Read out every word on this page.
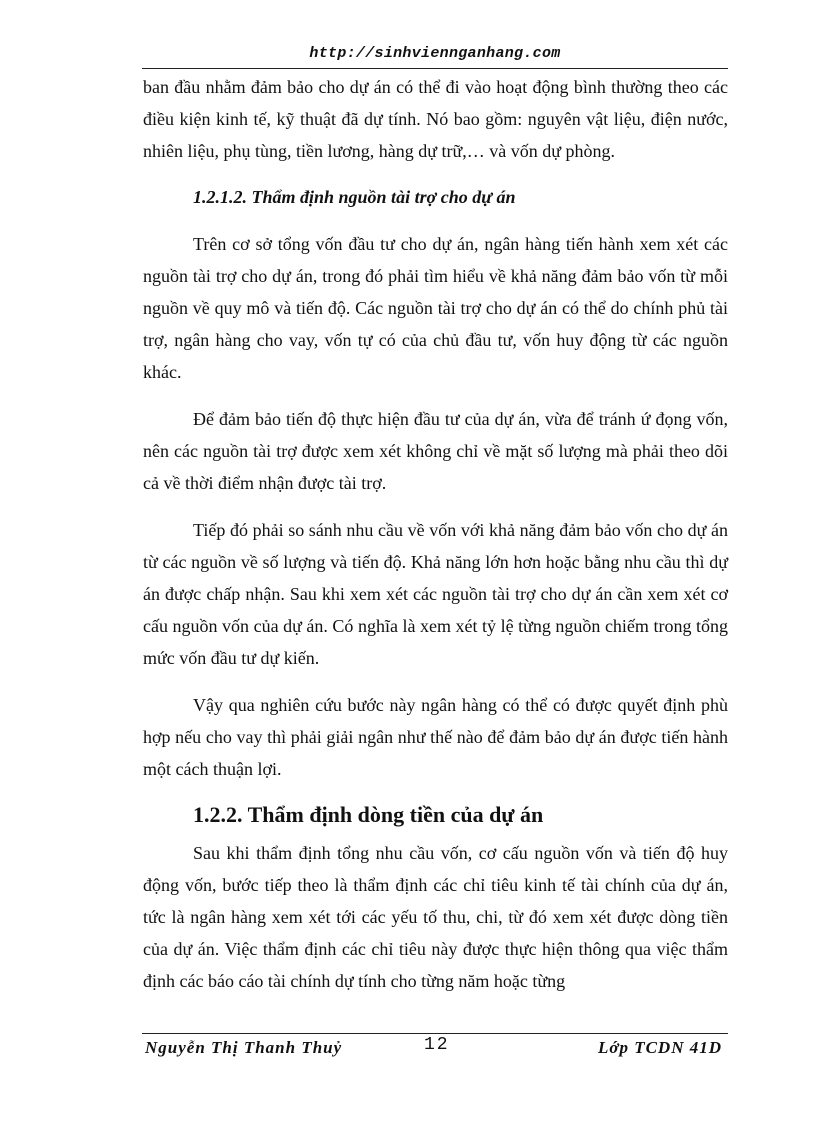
http://sinhviennganhang.com

ban đầu nhằm đảm bảo cho dự án có thể đi vào hoạt động bình thường theo các điều kiện kinh tế, kỹ thuật đã dự tính. Nó bao gồm: nguyên vật liệu, điện nước, nhiên liệu, phụ tùng, tiền lương, hàng dự trữ,… và vốn dự phòng.

1.2.1.2. Thẩm định nguồn tài trợ cho dự án

Trên cơ sở tổng vốn đầu tư cho dự án, ngân hàng tiến hành xem xét các nguồn tài trợ cho dự án, trong đó phải tìm hiểu về khả năng đảm bảo vốn từ mỗi nguồn về quy mô và tiến độ. Các nguồn tài trợ cho dự án có thể do chính phủ tài trợ, ngân hàng cho vay, vốn tự có của chủ đầu tư, vốn huy động từ các nguồn khác.

Để đảm bảo tiến độ thực hiện đầu tư của dự án, vừa để tránh ứ đọng vốn, nên các nguồn tài trợ được xem xét không chỉ về mặt số lượng mà phải theo dõi cả về thời điểm nhận được tài trợ.

Tiếp đó phải so sánh nhu cầu về vốn với khả năng đảm bảo vốn cho dự án từ các nguồn về số lượng và tiến độ. Khả năng lớn hơn hoặc bằng nhu cầu thì dự án được chấp nhận. Sau khi xem xét các nguồn tài trợ cho dự án cần xem xét cơ cấu nguồn vốn của dự án. Có nghĩa là xem xét tỷ lệ từng nguồn chiếm trong tổng mức vốn đầu tư dự kiến.

Vậy qua nghiên cứu bước này ngân hàng có thể có được quyết định phù hợp nếu cho vay thì phải giải ngân như thế nào để đảm bảo dự án được tiến hành một cách thuận lợi.

1.2.2. Thẩm định dòng tiền của dự án

Sau khi thẩm định tổng nhu cầu vốn, cơ cấu nguồn vốn và tiến độ huy động vốn, bước tiếp theo là thẩm định các chỉ tiêu kinh tế tài chính của dự án, tức là ngân hàng xem xét tới các yếu tố thu, chi, từ đó xem xét được dòng tiền của dự án. Việc thẩm định các chỉ tiêu này được thực hiện thông qua việc thẩm định các báo cáo tài chính dự tính cho từng năm hoặc từng

Nguyễn Thị Thanh Thuỷ	12	Lớp TCDN 41D
